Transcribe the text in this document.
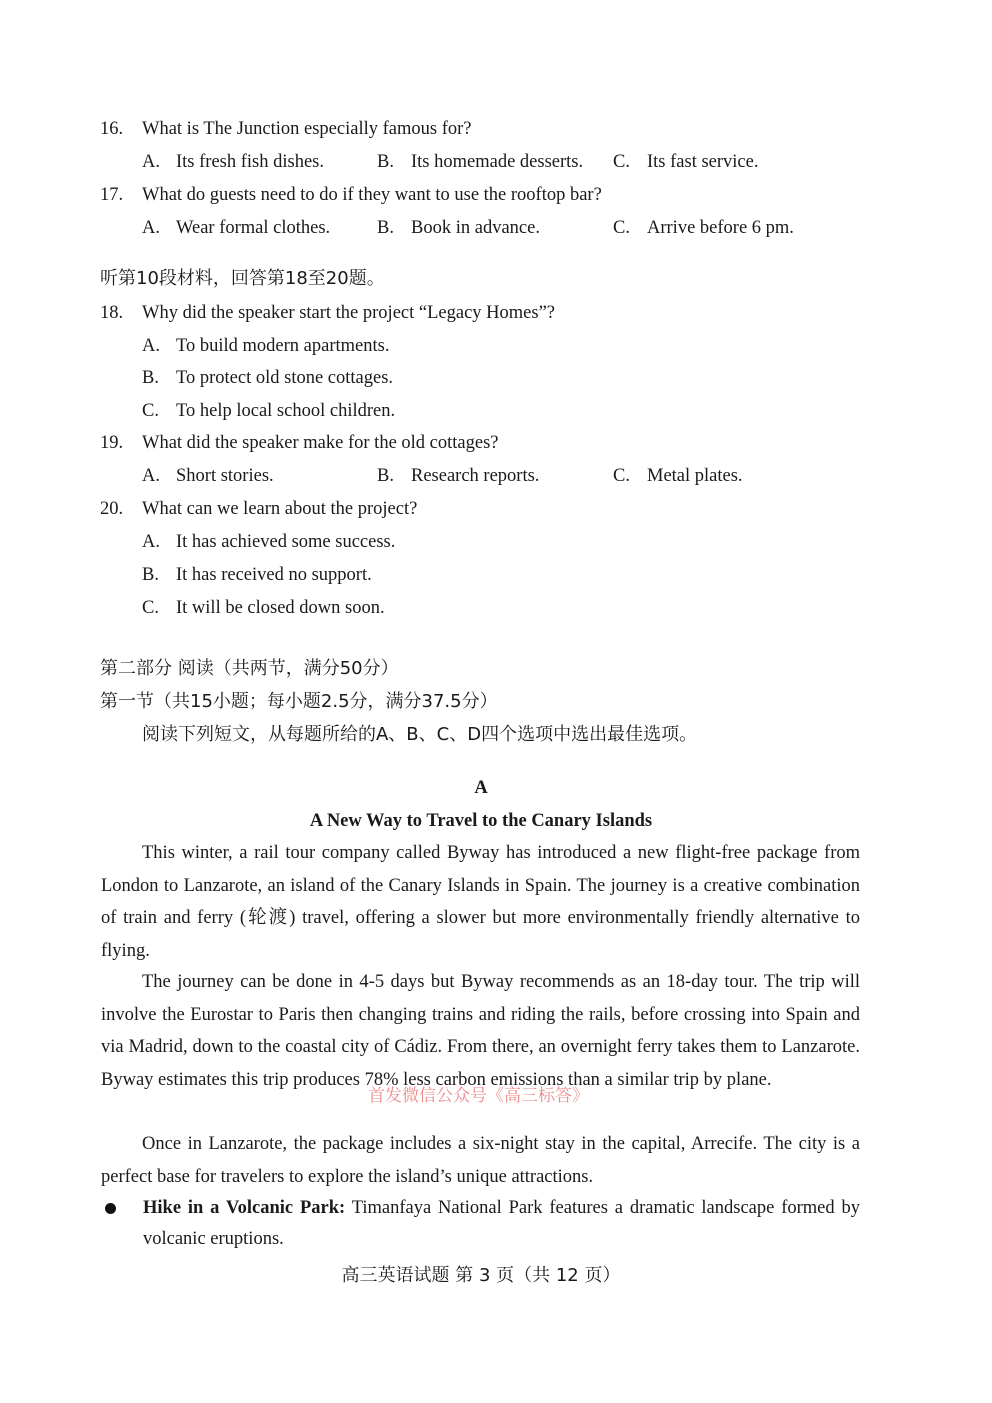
16. What is The Junction especially famous for?
A. Its fresh fish dishes.	B. Its homemade desserts. C. Its fast service.
17. What do guests need to do if they want to use the rooftop bar?
A. Wear formal clothes.	B. Book in advance.	C. Arrive before 6 pm.
听第10段材料，回答第18至20题。
18. Why did the speaker start the project “Legacy Homes”?
A. To build modern apartments.
B. To protect old stone cottages.
C. To help local school children.
19. What did the speaker make for the old cottages?
A. Short stories.	B. Research reports.	C. Metal plates.
20. What can we learn about the project?
A. It has achieved some success.
B. It has received no support.
C. It will be closed down soon.
第二部分 阅读（共两节，满分50分）
第一节（共15小题；每小题2.5分，满分37.5分）
阅读下列短文，从每题所给的A、B、C、D四个选项中选出最佳选项。
A
A New Way to Travel to the Canary Islands
This winter, a rail tour company called Byway has introduced a new flight-free package from London to Lanzarote, an island of the Canary Islands in Spain. The journey is a creative combination of train and ferry (轮渡) travel, offering a slower but more environmentally friendly alternative to flying.
The journey can be done in 4-5 days but Byway recommends as an 18-day tour. The trip will involve the Eurostar to Paris then changing trains and riding the rails, before crossing into Spain and via Madrid, down to the coastal city of Cádiz. From there, an overnight ferry takes them to Lanzarote. Byway estimates this trip produces 78% less carbon emissions than a similar trip by plane.
Once in Lanzarote, the package includes a six-night stay in the capital, Arrecife. The city is a perfect base for travelers to explore the island’s unique attractions.
Hike in a Volcanic Park: Timanfaya National Park features a dramatic landscape formed by volcanic eruptions.
首发微信公众号《高三标答》
高三英语试题 第 3 页（共 12 页）
